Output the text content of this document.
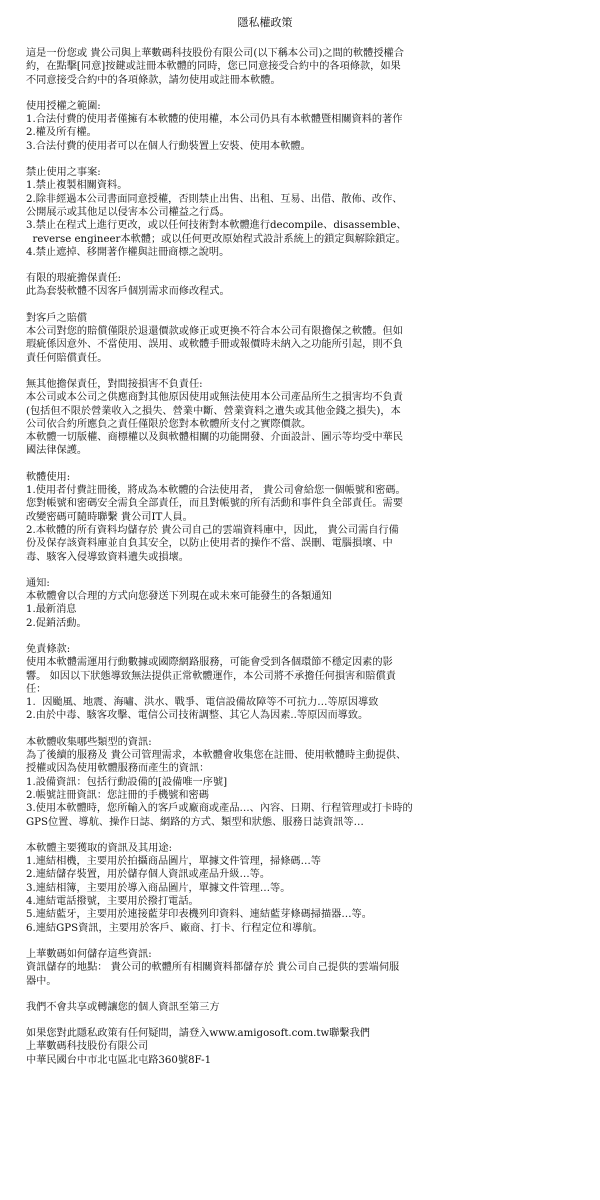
隱私權政策
這是一份您或 貴公司與上華數碼科技股份有限公司(以下稱本公司)之間的軟體授權合
約，在點擊[同意]按鍵或註冊本軟體的同時，您已同意接受合約中的各項條款，如果
不同意接受合約中的各項條款，請勿使用或註冊本軟體。
使用授權之範圍:
1.合法付費的使用者僅擁有本軟體的使用權，本公司仍具有本軟體暨相關資料的著作
2.權及所有權。
3.合法付費的使用者可以在個人行動裝置上安裝、使用本軟體。
禁止使用之事案:
1.禁止複製相關資料。
2.除非經過本公司書面同意授權，否則禁止出售、出租、互易、出借、散佈、改作、
公開展示或其他足以侵害本公司權益之行爲。
3.禁止在程式上進行更改，或以任何技術對本軟體進行decompile、disassemble、
reverse engineer本軟體；或以任何更改原始程式設計系統上的鎖定與解除鎖定。
4.禁止遮掉、移開著作權與註冊商標之說明。
有限的瑕疵擔保責任:
此為套裝軟體不因客戶個別需求而修改程式。
對客戶之賠償
本公司對您的賠償僅限於退還價款或修正或更換不符合本公司有限擔保之軟體。但如
瑕疵係因意外、不當使用、誤用、或軟體手冊或報價時未納入之功能所引起，則不負
責任何賠償責任。
無其他擔保責任，對間接損害不負責任:
本公司或本公司之供應商對其他原因使用或無法使用本公司產品所生之損害均不負責
(包括但不限於營業收入之損失、營業中斷、營業資料之遺失或其他金錢之損失)，本
公司依合約所應負之責任僅限於您對本軟體所支付之實際價款。
本軟體一切版權、商標權以及與軟體相關的功能開發、介面設計、圖示等均受中華民
國法律保護。
軟體使用:
1.使用者付費註冊後，將成為本軟體的合法使用者， 貴公司會給您一個帳號和密碼。
您對帳號和密碼安全需負全部責任，而且對帳號的所有活動和事件負全部責任。需要
改變密碼可隨時聯繫 貴公司IT人員。
2.本軟體的所有資料均儲存於 貴公司自己的雲端資料庫中，因此， 貴公司需自行備
份及保存該資料庫並自負其安全，以防止使用者的操作不當、誤刪、電腦損壞、中
毒、駭客入侵導致資料遺失或損壞。
通知:
本軟體會以合理的方式向您發送下列現在或未來可能發生的各類通知
1.最新消息
2.促銷活動。
免責條款:
使用本軟體需運用行動數據或國際網路服務，可能會受到各個環節不穩定因素的影
響。 如因以下狀態導致無法提供正常軟體運作，本公司將不承擔任何損害和賠償責
任：
1.  因颱風、地震、海嘯、洪水、戰爭、電信設備故障等不可抗力…等原因導致
2.由於中毒、駭客攻擊、電信公司技術調整、其它人為因素..等原因而導致。
本軟體收集哪些類型的資訊:
為了後續的服務及 貴公司管理需求，本軟體會收集您在註冊、使用軟體時主動提供、
授權或因為使用軟體服務而產生的資訊：
1.設備資訊：包括行動設備的[設備唯一序號]
2.帳號註冊資訊：您註冊的手機號和密碼
3.使用本軟體時，您所輸入的客戶或廠商或產品…、內容、日期、行程管理或打卡時的
GPS位置、導航、操作日誌、網路的方式、類型和狀態、服務日誌資訊等…
本軟體主要獲取的資訊及其用途:
1.連結相機，主要用於拍攝商品圖片，單據文件管理，掃條碼…等
2.連結儲存裝置，用於儲存個人資訊或產品升級…等。
3.連結相簿，主要用於導入商品圖片，單據文件管理…等。
4.連結電話撥號，主要用於撥打電話。
5.連結藍牙，主要用於連接藍芽印表機列印資料、連結藍芽條碼掃描器…等。
6.連結GPS資訊，主要用於客戶、廠商、打卡、行程定位和導航。
上華數碼如何儲存這些資訊:
資訊儲存的地點： 貴公司的軟體所有相關資料都儲存於 貴公司自己提供的雲端伺服
器中。
我們不會共享或轉讓您的個人資訊至第三方
如果您對此隱私政策有任何疑問，請登入www.amigosoft.com.tw聯繫我們
上華數碼科技股份有限公司
中華民國台中市北屯區北屯路360號8F-1
